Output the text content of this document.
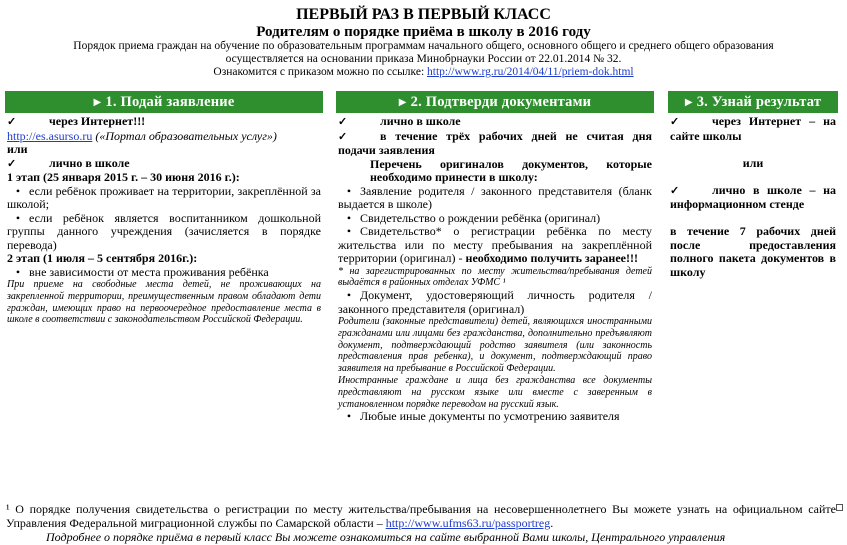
ПЕРВЫЙ РАЗ В ПЕРВЫЙ КЛАСС
Родителям о порядке приёма в школу в 2016 году
Порядок приема граждан на обучение по образовательным программам начального общего, основного общего и среднего общего образования
осуществляется на основании приказа Минобрнауки России от 22.01.2014 № 32.
Ознакомится с приказом можно по ссылке: http://www.rg.ru/2014/04/11/priem-dok.html
▶ 1. Подай заявление

✓	через Интернет!!!

http://es.asurso.ru («Портал образовательных услуг»)

или

✓	лично в школе

1 этап (25 января 2015 г. – 30 июня 2016 г.):

• если ребёнок проживает на территории, закреплённой за школой;

• если ребёнок является воспитанником дошкольной группы данного учреждения (зачисляется в порядке перевода)

2 этап (1 июля – 5 сентября 2016г.):

• вне зависимости от места проживания ребёнка

При приеме на свободные места детей, не проживающих на закрепленной территории, преимущественным правом обладают дети граждан, имеющих право на первоочередное предоставление места в школе в соответствии с законодательством Российской Федерации.

▶ 2. Подтверди документами

✓	лично в школе

✓	в течение трёх рабочих дней не считая дня подачи заявления

Перечень оригиналов документов, которые необходимо принести в школу:

• Заявление родителя / законного представителя (бланк выдается в школе)

• Свидетельство о рождении ребёнка (оригинал)

• Свидетельство* о регистрации ребёнка по месту жительства или по месту пребывания на закреплённой территории (оригинал) - необходимо получить заранее!!!

* на зарегистрированных по месту жительства/пребывания детей выдаётся в районных отделах УФМС ¹

• Документ, удостоверяющий личность родителя / законного представителя (оригинал)

Родители (законные представители) детей, являющихся иностранными гражданами или лицами без гражданства, дополнительно предъявляют документ, подтверждающий родство заявителя (или законность представления прав ребенка), и документ, подтверждающий право заявителя на пребывание в Российской Федерации.

Иностранные граждане и лица без гражданства все документы представляют на русском языке или вместе с заверенным в установленном порядке переводом на русский язык.

• Любые иные документы по усмотрению заявителя

▶ 3. Узнай результат

✓	через Интернет – на сайте школы

или

✓	лично в школе – на информационном стенде

в течение 7 рабочих дней после предоставления полного пакета документов в школу

¹ О порядке получения свидетельства о регистрации по месту жительства/пребывания на несовершеннолетнего Вы можете узнать на официальном сайте Управления Федеральной миграционной службы по Самарской области – http://www.ufms63.ru/passportreg.

Подробнее о порядке приёма в первый класс Вы можете ознакомиться на сайте выбранной Вами школы, Центрального управления
